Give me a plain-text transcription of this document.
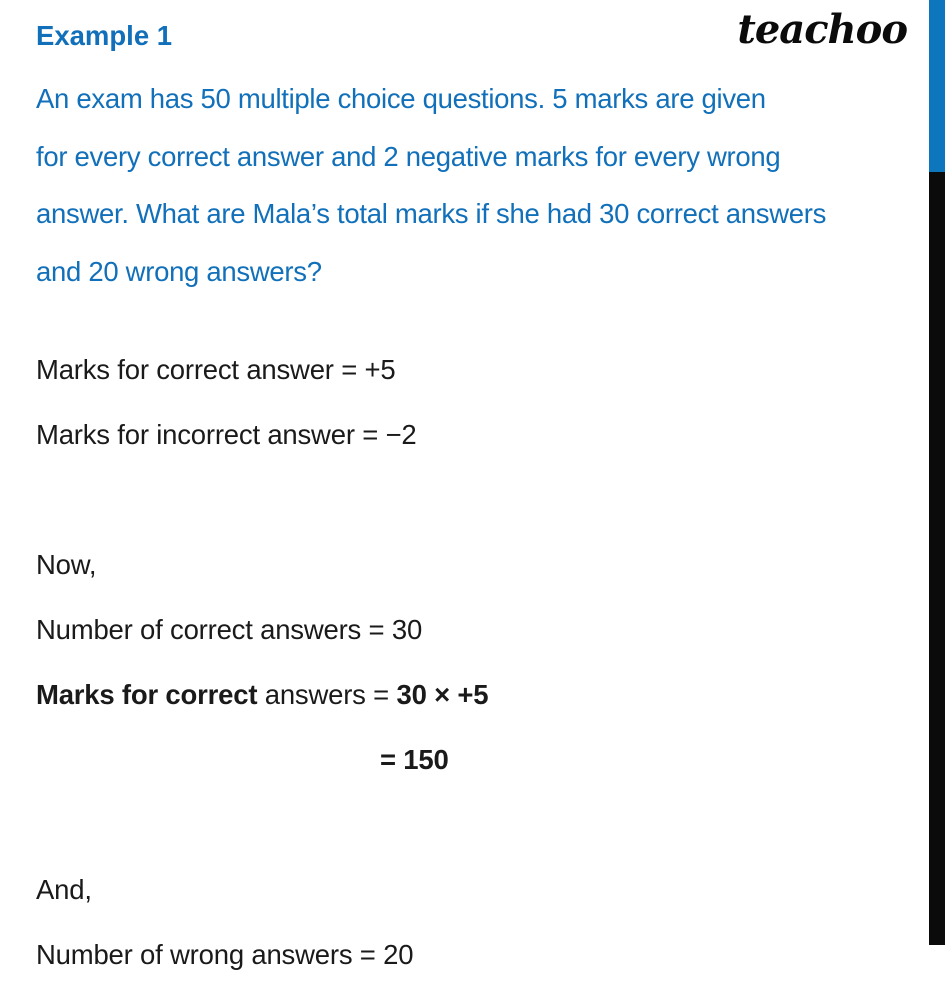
teachoo
Example 1
An exam has 50 multiple choice questions. 5 marks are given
for every correct answer and 2 negative marks for every wrong
answer. What are Mala’s total marks if she had 30 correct answers
and 20 wrong answers?
Marks for correct answer = +5
Marks for incorrect answer = −2
Now,
Number of correct answers = 30
Marks for correct answers = 30 × +5
= 150
And,
Number of wrong answers = 20
